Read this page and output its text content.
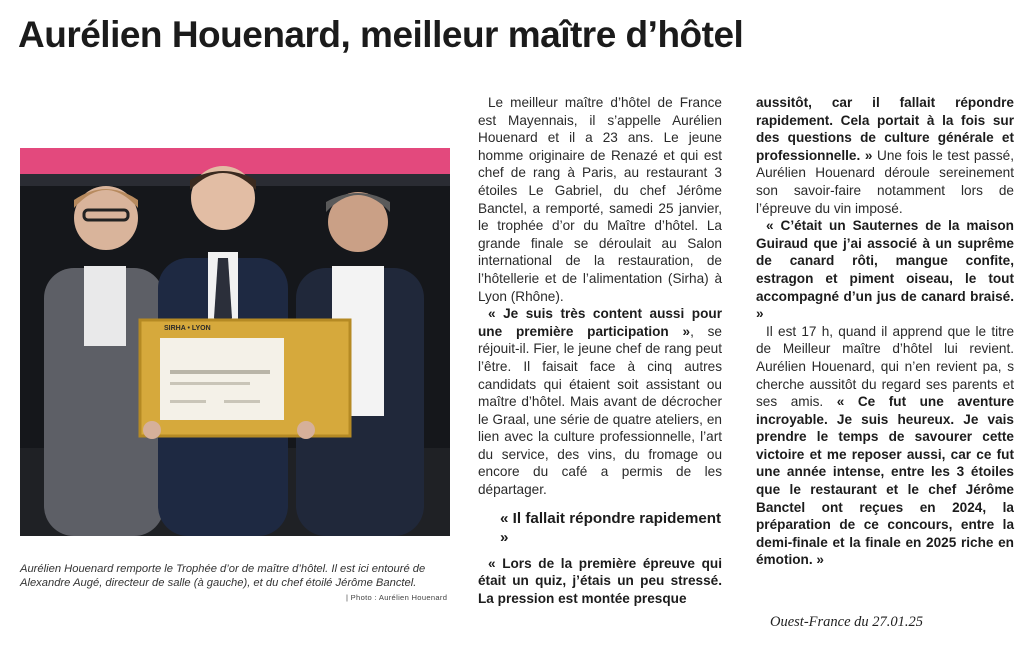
Aurélien Houenard, meilleur maître d’hôtel
SIRHA • LYON
Aurélien Houenard remporte le Trophée d’or de maître d’hôtel. Il est ici entouré de Alexandre Augé, directeur de salle (à gauche), et du chef étoilé Jérôme Banctel.
| Photo : Aurélien Houenard

Le meilleur maître d’hôtel de France est Mayennais, il s’appelle Aurélien Houenard et il a 23 ans. Le jeune homme originaire de Renazé et qui est chef de rang à Paris, au restaurant 3 étoiles Le Gabriel, du chef Jérôme Banctel, a remporté, samedi 25 janvier, le trophée d’or du Maître d’hôtel. La grande finale se déroulait au Salon international de la restauration, de l’hôtellerie et de l’alimentation (Sirha) à Lyon (Rhône).

« Je suis très content aussi pour une première participation », se réjouit-il. Fier, le jeune chef de rang peut l’être. Il faisait face à cinq autres candidats qui étaient soit assistant ou maître d’hôtel. Mais avant de décrocher le Graal, une série de quatre ateliers, en lien avec la culture professionnelle, l’art du service, des vins, du fromage ou encore du café a permis de les départager.

« Il fallait répondre rapidement »

« Lors de la première épreuve qui était un quiz, j’étais un peu stressé. La pression est montée presque

aussitôt, car il fallait répondre rapidement. Cela portait à la fois sur des questions de culture générale et professionnelle. » Une fois le test passé, Aurélien Houenard déroule sereinement son savoir-faire notamment lors de l’épreuve du vin imposé.

« C’était un Sauternes de la maison Guiraud que j’ai associé à un suprême de canard rôti, mangue confite, estragon et piment oiseau, le tout accompagné d’un jus de canard braisé. »

Il est 17 h, quand il apprend que le titre de Meilleur maître d’hôtel lui revient. Aurélien Houenard, qui n’en revient pa, s cherche aussitôt du regard ses parents et ses amis. « Ce fut une aventure incroyable. Je suis heureux. Je vais prendre le temps de savourer cette victoire et me reposer aussi, car ce fut une année intense, entre les 3 étoiles que le restaurant et le chef Jérôme Banctel ont reçues en 2024, la préparation de ce concours, entre la demi-finale et la finale en 2025 riche en émotion. »

Ouest-France du 27.01.25
